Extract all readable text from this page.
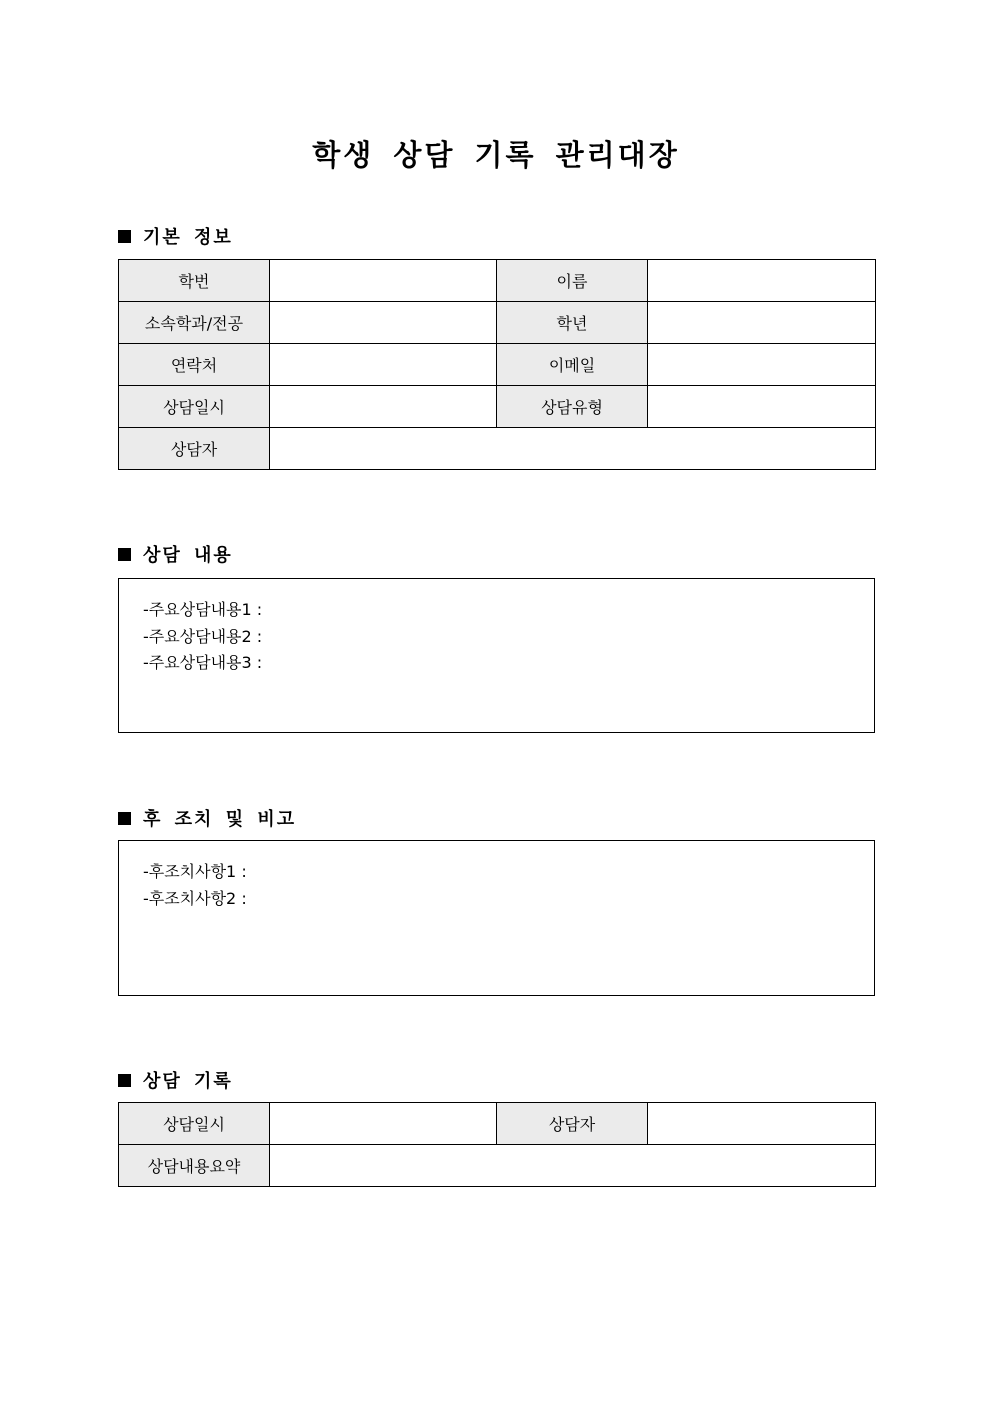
학생 상담 기록 관리대장
기본 정보
학번		이름	
소속학과/전공		학년	
연락처		이메일	
상담일시		상담유형	
상담자			
상담 내용
-주요상담내용1 :
-주요상담내용2 :
-주요상담내용3 :
후 조치 및 비고
-후조치사항1 :
-후조치사항2 :
상담 기록
상담일시		상담자	
상담내용요약			
